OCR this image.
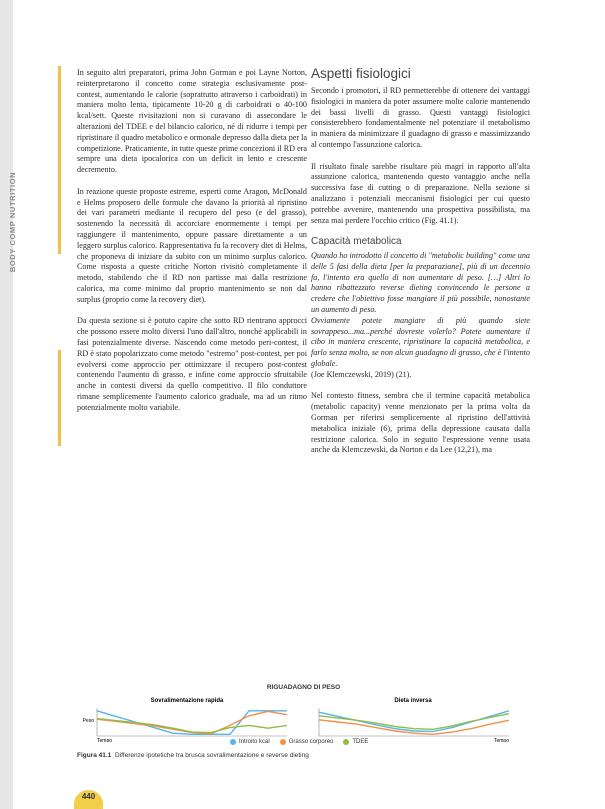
BODY COMP NUTRITION

In seguito altri preparatori, prima John Gorman e poi Layne Norton, reinterpretarono il concetto come strategia esclusivamente post-contest, aumentando le calorie (soprattutto attraverso i carboidrati) in maniera molto lenta, tipicamente 10-20 g di carboidrati o 40-100 kcal/sett. Queste rivisitazioni non si curavano di assecondare le alterazioni del TDEE e del bilancio calorico, né di ridurre i tempi per ripristinare il quadro metabolico e ormonale depresso dalla dieta per la competizione. Praticamente, in tutte queste prime concezioni il RD era sempre una dieta ipocalorica con un deficit in lento e crescente decremento.

In reazione queste proposte estreme, esperti come Aragon, McDonald e Helms proposero delle formule che davano la priorità al ripristino dei vari parametri mediante il recupero del peso (e del grasso), sostenendo la necessità di accorciare enormemente i tempi per raggiungere il mantenimento, oppure passare direttamente a un leggero surplus calorico. Rappresentativa fu la recovery diet di Helms, che proponeva di iniziare da subito con un minimo surplus calorico. Come risposta a queste critiche Norton rivisitò completamente il metodo, stabilendo che il RD non partisse mai dalla restrizione calorica, ma come minimo dal proprio mantenimento se non dal surplus (proprio come la recovery diet).

Da questa sezione si è potuto capire che sotto RD rientrano approcci che possono essere molto diversi l'uno dall'altro, nonché applicabili in fasi potenzialmente diverse. Nascendo come metodo peri-contest, il RD è stato popolarizzato come metodo "estremo" post-contest, per poi evolversi come approccio per ottimizzare il recupero post-contest contenendo l'aumento di grasso, e infine come approccio sfruttabile anche in contesti diversi da quello competitivo. Il filo conduttore rimane semplicemente l'aumento calorico graduale, ma ad un ritmo potenzialmente molto variabile.

Aspetti fisiologici

Secondo i promotori, il RD permetterebbe di ottenere dei vantaggi fisiologici in maniera da poter assumere molte calorie mantenendo dei bassi livelli di grasso. Questi vantaggi fisiologici consisterebbero fondamentalmente nel potenziare il metabolismo in maniera da minimizzare il guadagno di grasso e massimizzando al contempo l'assunzione calorica.

Il risultato finale sarebbe risultare più magri in rapporto all'alta assunzione calorica, mantenendo questo vantaggio anche nella successiva fase di cutting o di preparazione. Nella sezione si analizzano i potenziali meccanismi fisiologici per cui questo potrebbe avvenire, mantenendo una prospettiva possibilista, ma senza mai perdere l'occhio critico (Fig. 41.1).

Capacità metabolica

Quando ho introdotto il concetto di "metabolic building" come una delle 5 fasi della dieta [per la preparazione], più di un decennio fa, l'intento era quello di non aumentare di peso. […] Altri lo hanno ribattezzato reverse dieting convincendo le persone a credere che l'obiettivo fosse mangiare il più possibile, nonostante un aumento di peso.

Ovviamente potete mangiare di più quando siete sovrappeso...ma...perché dovreste volerlo? Potete aumentare il cibo in maniera crescente, ripristinare la capacità metabolica, e farlo senza molto, se non alcun guadagno di grasso, che è l'intento globale.

(Joe Klemczewski, 2019) (21).

Nel contesto fitness, sembra che il termine capacità metabolica (metabolic capacity) venne menzionato per la prima volta da Gorman per riferirsi semplicemente al ripristino dell'attività metabolica iniziale (6), prima della depressione causata dalla restrizione calorica. Solo in seguito l'espressione venne usata anche da Klemczewski, da Norton e da Lee (12,21), ma

RIGUADAGNO DI PESO
Sovralimentazione rapida
Peso
Tempo
Dieta inversa
Tempo
Introito kcal	Grasso corporeo	TDEE
Figura 41.1 Differenze ipotetiche tra brusca sovralimentazione e reverse dieting
440
